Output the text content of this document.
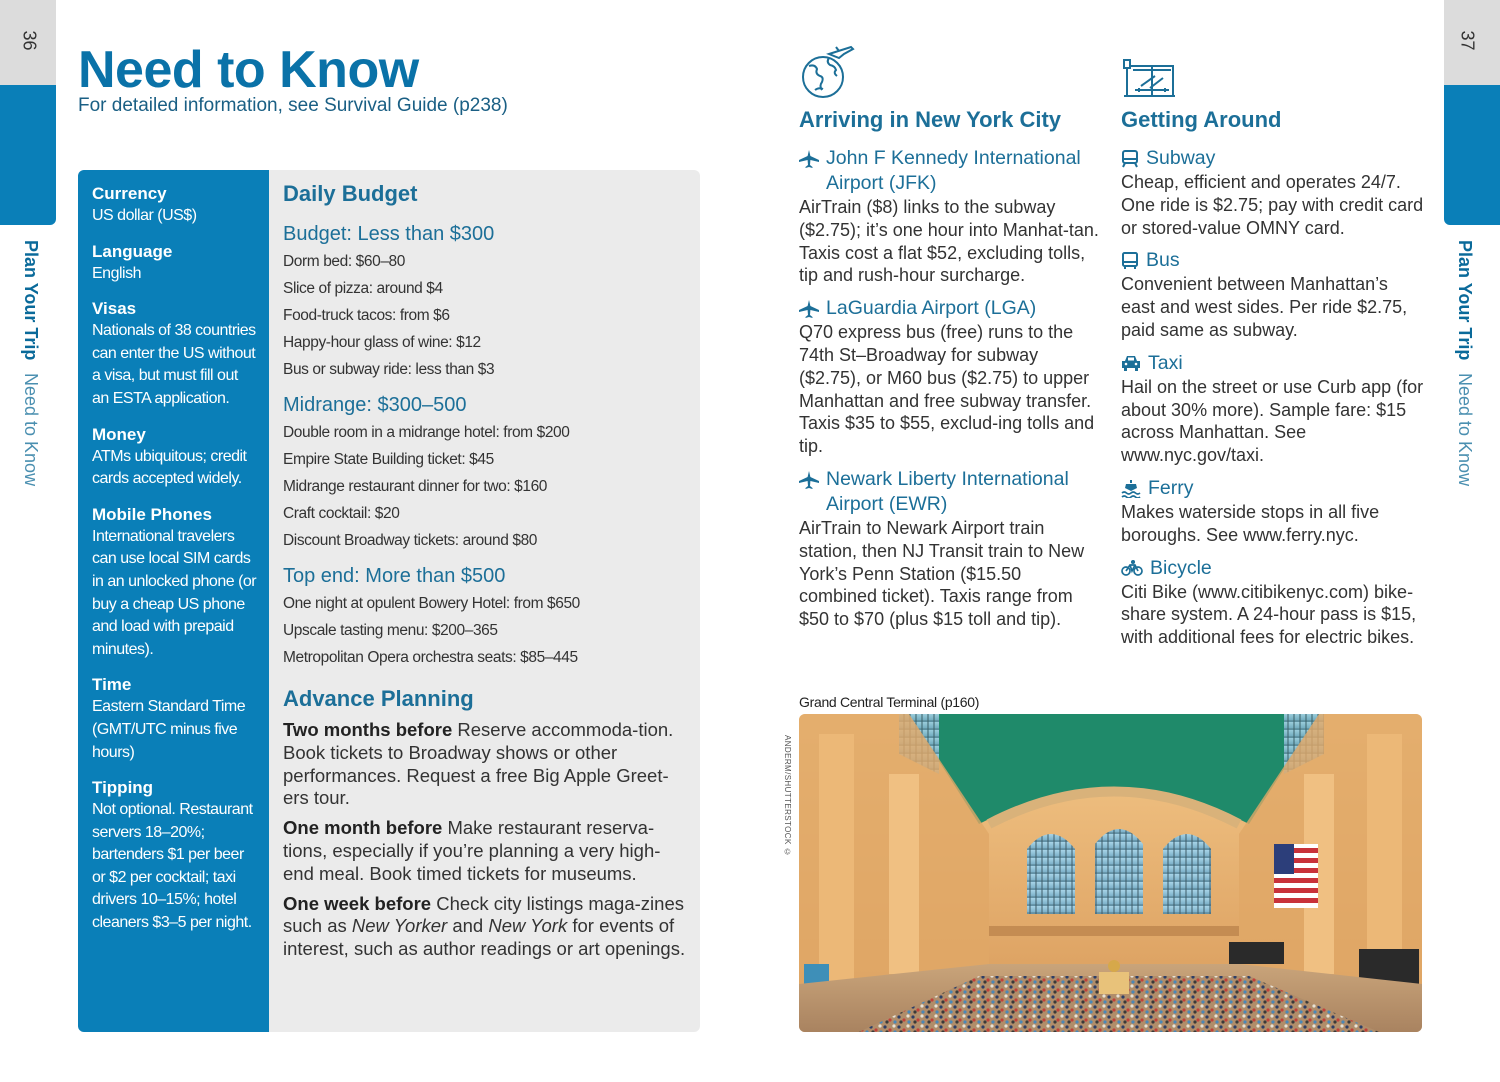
36
Plan Your Trip Need to Know
37
Plan Your Trip Need to Know
Need to Know
For detailed information, see Survival Guide (p238)
Currency
US dollar (US$)
Language
English
Visas
Nationals of 38 countries can enter the US without a visa, but must fill out an ESTA application.
Money
ATMs ubiquitous; credit cards accepted widely.
Mobile Phones
International travelers can use local SIM cards in an unlocked phone (or buy a cheap US phone and load with prepaid minutes).
Time
Eastern Standard Time (GMT/UTC minus five hours)
Tipping
Not optional. Restaurant servers 18–20%; bartenders $1 per beer or $2 per cocktail; taxi drivers 10–15%; hotel cleaners $3–5 per night.
Daily Budget
Budget: Less than $300
Dorm bed: $60–80
Slice of pizza: around $4
Food-truck tacos: from $6
Happy-hour glass of wine: $12
Bus or subway ride: less than $3
Midrange: $300–500
Double room in a midrange hotel: from $200
Empire State Building ticket: $45
Midrange restaurant dinner for two: $160
Craft cocktail: $20
Discount Broadway tickets: around $80
Top end: More than $500
One night at opulent Bowery Hotel: from $650
Upscale tasting menu: $200–365
Metropolitan Opera orchestra seats: $85–445
Advance Planning

Two months before Reserve accommoda-tion. Book tickets to Broadway shows or other performances. Request a free Big Apple Greet-ers tour.

One month before Make restaurant reserva-tions, especially if you’re planning a very high-end meal. Book timed tickets for museums.

One week before Check city listings maga-zines such as New Yorker and New York for events of interest, such as author readings or art openings.

Arriving in New York City
John F Kennedy International Airport (JFK)
AirTrain ($8) links to the subway ($2.75); it’s one hour into Manhat-tan. Taxis cost a flat $52, excluding tolls, tip and rush-hour surcharge.
LaGuardia Airport (LGA)
Q70 express bus (free) runs to the 74th St–Broadway for subway ($2.75), or M60 bus ($2.75) to upper Manhattan and free subway transfer. Taxis $35 to $55, exclud-ing tolls and tip.
Newark Liberty International Airport (EWR)
AirTrain to Newark Airport train station, then NJ Transit train to New York’s Penn Station ($15.50 combined ticket). Taxis range from $50 to $70 (plus $15 toll and tip).
Getting Around
Subway
Cheap, efficient and operates 24/7. One ride is $2.75; pay with credit card or stored-value OMNY card.
Bus
Convenient between Manhattan’s east and west sides. Per ride $2.75, paid same as subway.
Taxi
Hail on the street or use Curb app (for about 30% more). Sample fare: $15 across Manhattan. See www.nyc.gov/taxi.
Ferry
Makes waterside stops in all five boroughs. See www.ferry.nyc.
Bicycle
Citi Bike (www.citibikenyc.com) bike-share system. A 24-hour pass is $15, with additional fees for electric bikes.
Grand Central Terminal (p160)
ANDERM/SHUTTERSTOCK ©
